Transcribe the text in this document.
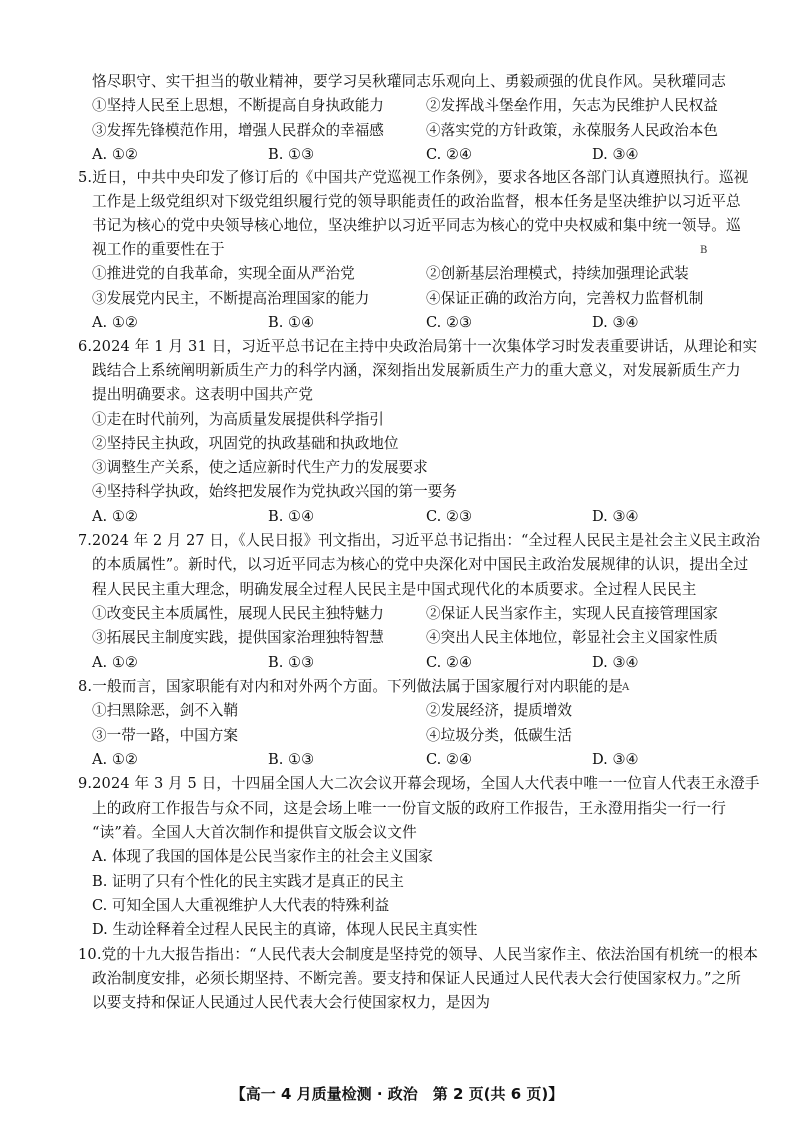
恪尽职守、实干担当的敬业精神，要学习吴秋瓘同志乐观向上、勇毅顽强的优良作风。吴秋瓘同志
①坚持人民至上思想，不断提高自身执政能力	②发挥战斗堡垒作用，矢志为民维护人民权益
③发挥先锋模范作用，增强人民群众的幸福感	④落实党的方针政策，永葆服务人民政治本色
A. ①②	B. ①③	C. ②④	D. ③④
5.近日，中共中央印发了修订后的《中国共产党巡视工作条例》，要求各地区各部门认真遵照执行。巡视
工作是上级党组织对下级党组织履行党的领导职能责任的政治监督，根本任务是坚决维护以习近平总
书记为核心的党中央领导核心地位，坚决维护以习近平同志为核心的党中央权威和集中统一领导。巡
视工作的重要性在于	B
①推进党的自我革命，实现全面从严治党	②创新基层治理模式，持续加强理论武装
③发展党内民主，不断提高治理国家的能力	④保证正确的政治方向，完善权力监督机制
A. ①②	B. ①④	C. ②③	D. ③④
6.2024 年 1 月 31 日，习近平总书记在主持中央政治局第十一次集体学习时发表重要讲话，从理论和实
践结合上系统阐明新质生产力的科学内涵，深刻指出发展新质生产力的重大意义，对发展新质生产力
提出明确要求。这表明中国共产党
①走在时代前列，为高质量发展提供科学指引
②坚持民主执政，巩固党的执政基础和执政地位
③调整生产关系，使之适应新时代生产力的发展要求
④坚持科学执政，始终把发展作为党执政兴国的第一要务
A. ①②	B. ①④	C. ②③	D. ③④
7.2024 年 2 月 27 日，《人民日报》刊文指出，习近平总书记指出：“全过程人民民主是社会主义民主政治
的本质属性”。新时代，以习近平同志为核心的党中央深化对中国民主政治发展规律的认识，提出全过
程人民民主重大理念，明确发展全过程人民民主是中国式现代化的本质要求。全过程人民民主
①改变民主本质属性，展现人民民主独特魅力	②保证人民当家作主，实现人民直接管理国家
③拓展民主制度实践，提供国家治理独特智慧	④突出人民主体地位，彰显社会主义国家性质
A. ①②	B. ①③	C. ②④	D. ③④
8.一般而言，国家职能有对内和对外两个方面。下列做法属于国家履行对内职能的是
A
①扫黑除恶，剑不入鞘	②发展经济，提质增效
③一带一路，中国方案	④垃圾分类，低碳生活
A. ①②	B. ①③	C. ②④	D. ③④
9.2024 年 3 月 5 日，十四届全国人大二次会议开幕会现场，全国人大代表中唯一一位盲人代表王永澄手
上的政府工作报告与众不同，这是会场上唯一一份盲文版的政府工作报告，王永澄用指尖一行一行
“读”着。全国人大首次制作和提供盲文版会议文件
A. 体现了我国的国体是公民当家作主的社会主义国家
B. 证明了只有个性化的民主实践才是真正的民主
C. 可知全国人大重视维护人大代表的特殊利益
D. 生动诠释着全过程人民民主的真谛，体现人民民主真实性
10.党的十九大报告指出：“人民代表大会制度是坚持党的领导、人民当家作主、依法治国有机统一的根本
政治制度安排，必须长期坚持、不断完善。要支持和保证人民通过人民代表大会行使国家权力。”之所
以要支持和保证人民通过人民代表大会行使国家权力，是因为
【高一 4 月质量检测 · 政治　第 2 页(共 6 页)】
